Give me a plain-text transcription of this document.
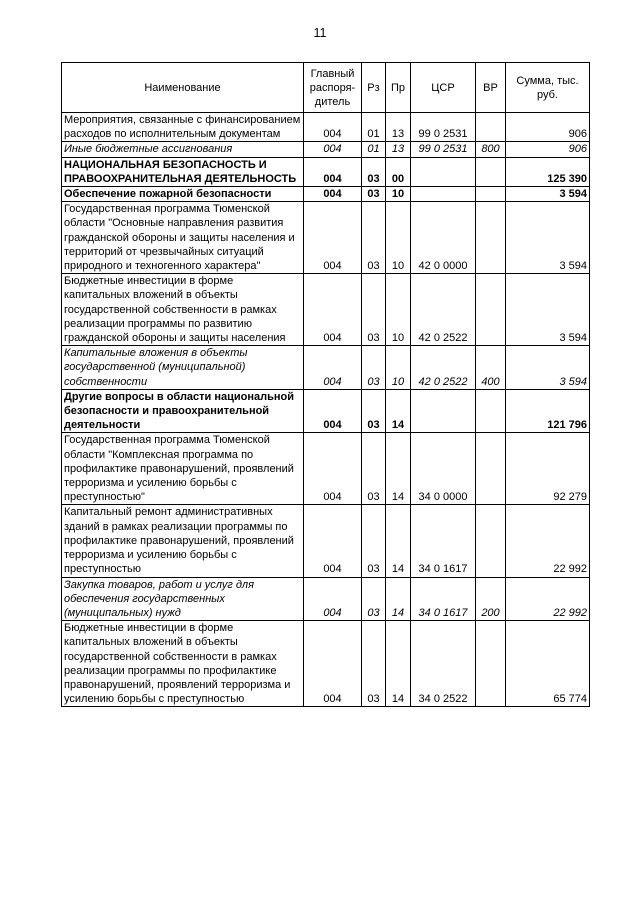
11
Наименование	Главный распоря-дитель	Рз	Пр	ЦСР	ВР	Сумма, тыс. руб.
Мероприятия, связанные с финансированием расходов по исполнительным документам	004	01	13	99 0 2531		906
Иные бюджетные ассигнования	004	01	13	99 0 2531	800	906
НАЦИОНАЛЬНАЯ БЕЗОПАСНОСТЬ И ПРАВООХРАНИТЕЛЬНАЯ ДЕЯТЕЛЬНОСТЬ	004	03	00			125 390
Обеспечение пожарной безопасности	004	03	10			3 594
Государственная программа Тюменской области "Основные направления развития гражданской обороны и защиты населения и территорий от чрезвычайных ситуаций природного и техногенного характера"	004	03	10	42 0 0000		3 594
Бюджетные инвестиции в форме капитальных вложений в объекты государственной собственности в рамках реализации программы по развитию гражданской обороны и защиты населения	004	03	10	42 0 2522		3 594
Капитальные вложения в объекты государственной (муниципальной) собственности	004	03	10	42 0 2522	400	3 594
Другие вопросы в области национальной безопасности и правоохранительной деятельности	004	03	14			121 796
Государственная программа Тюменской области "Комплексная программа по профилактике правонарушений, проявлений терроризма и усилению борьбы с преступностью"	004	03	14	34 0 0000		92 279
Капитальный ремонт административных зданий в рамках реализации программы по профилактике правонарушений, проявлений терроризма и усилению борьбы с преступностью	004	03	14	34 0 1617		22 992
Закупка товаров, работ и услуг для обеспечения государственных (муниципальных) нужд	004	03	14	34 0 1617	200	22 992
Бюджетные инвестиции в форме капитальных вложений в объекты государственной собственности в рамках реализации программы по профилактике правонарушений, проявлений терроризма и усилению борьбы с преступностью	004	03	14	34 0 2522		65 774
